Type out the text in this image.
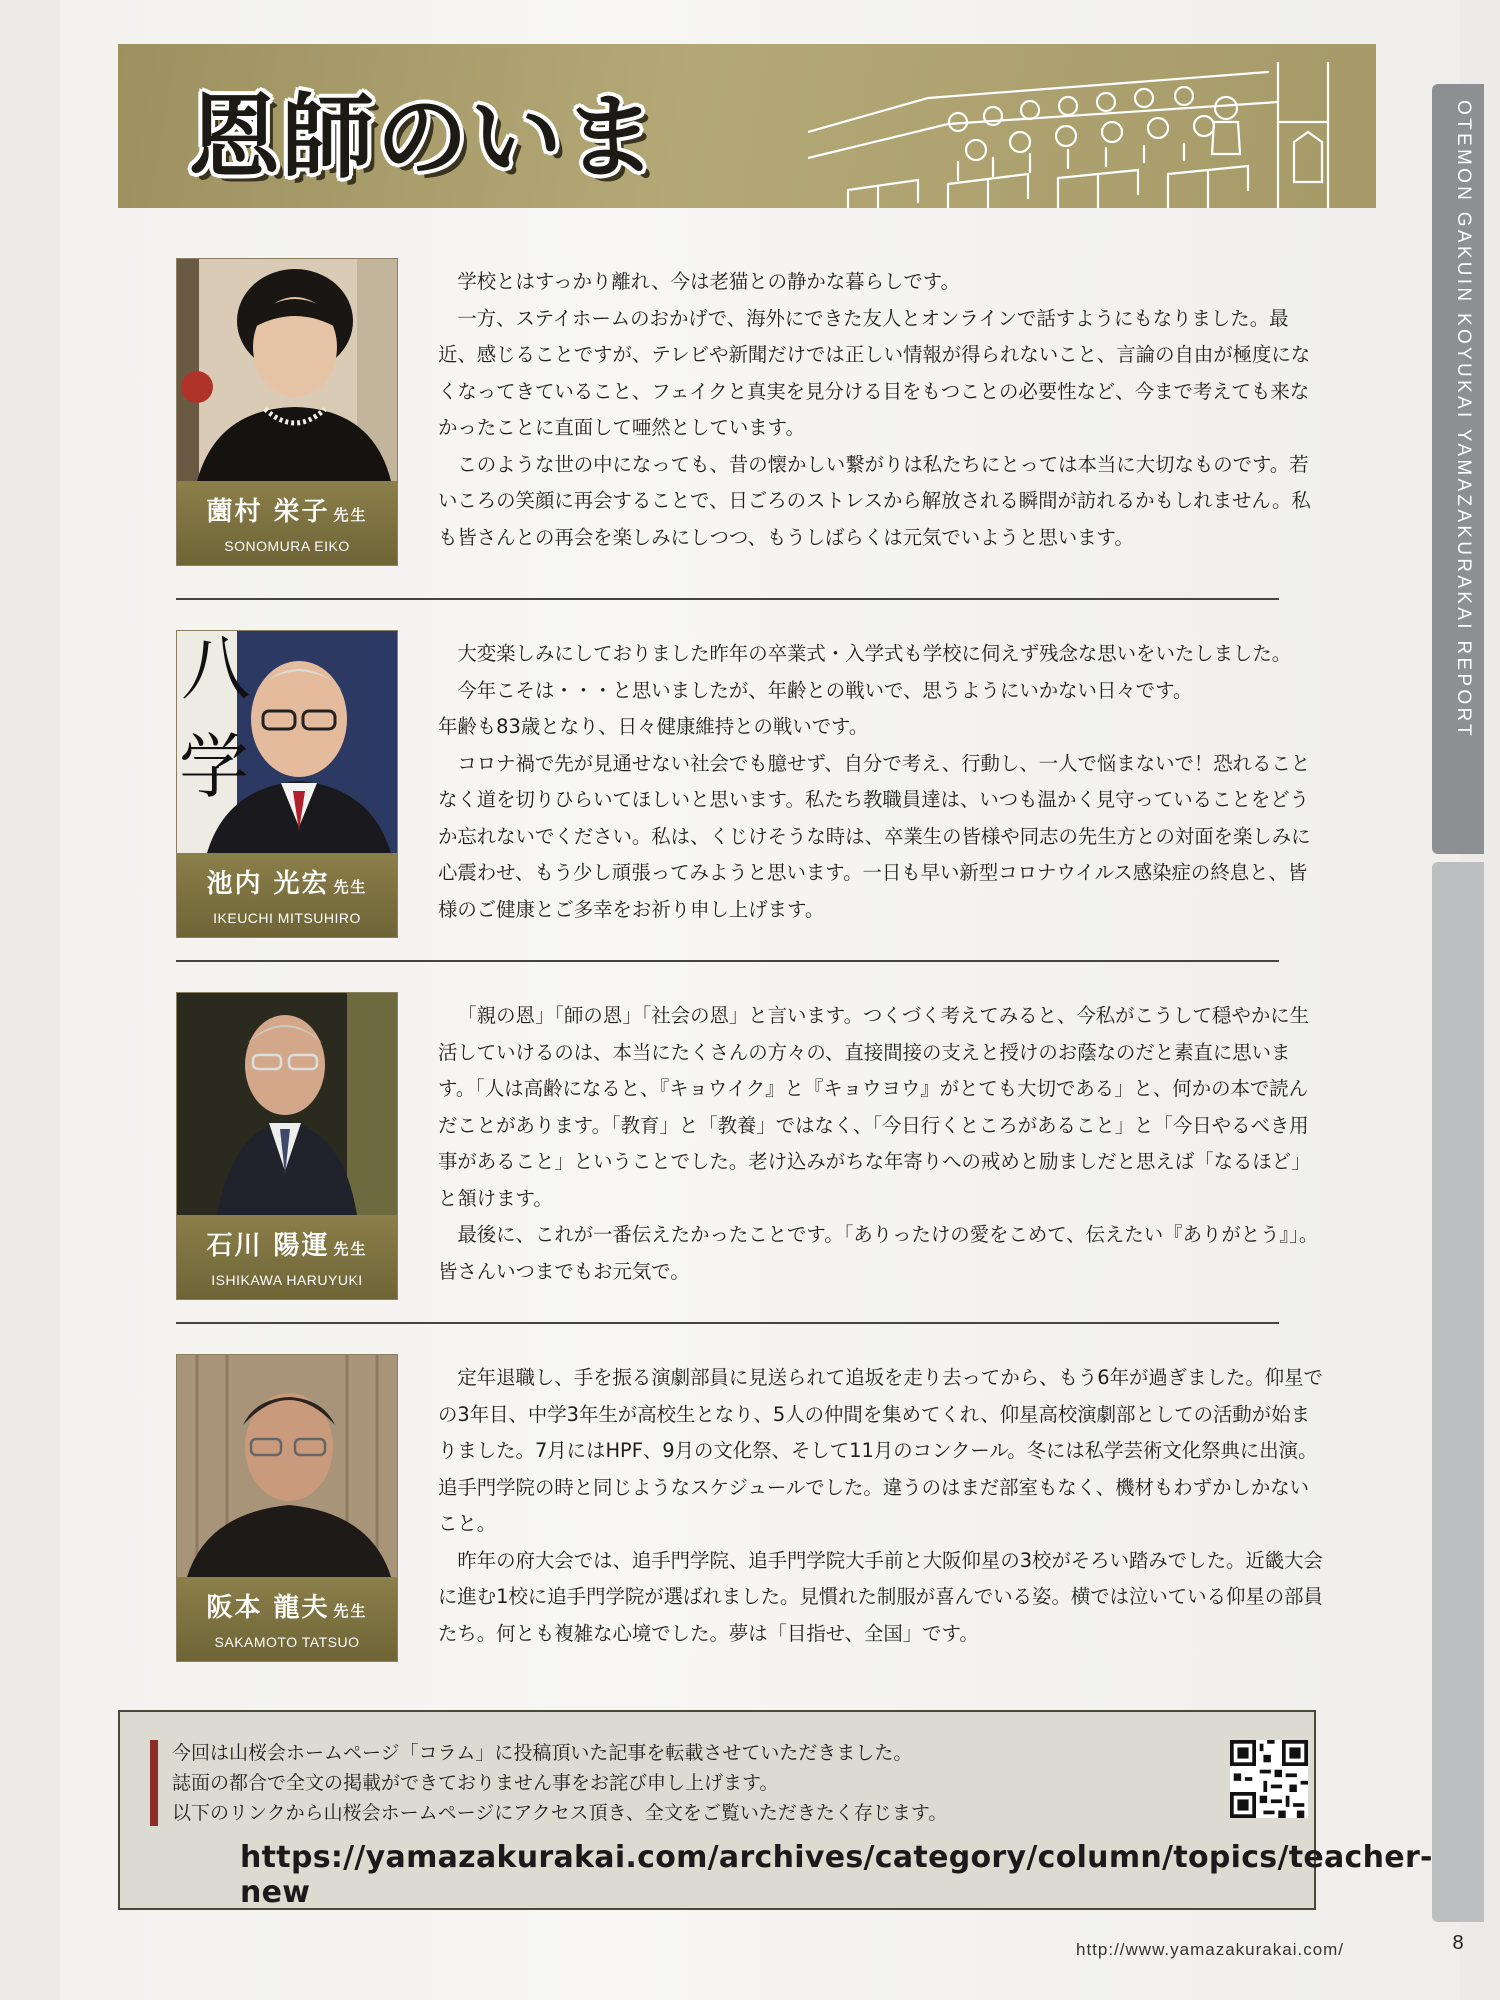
恩師のいま	OTEMON GAKUIN KOYUKAI YAMAZAKURAKAI REPORT
薗村 栄子 先生
SONOMURA EIKO

学校とはすっかり離れ、今は老猫との静かな暮らしです。

一方、ステイホームのおかげで、海外にできた友人とオンラインで話すようにもなりました。最近、感じることですが、テレビや新聞だけでは正しい情報が得られないこと、言論の自由が極度になくなってきていること、フェイクと真実を見分ける目をもつことの必要性など、今まで考えても来なかったことに直面して唖然としています。

このような世の中になっても、昔の懐かしい繋がりは私たちにとっては本当に大切なものです。若いころの笑顔に再会することで、日ごろのストレスから解放される瞬間が訪れるかもしれません。私も皆さんとの再会を楽しみにしつつ、もうしばらくは元気でいようと思います。

八
学
池内 光宏 先生
IKEUCHI MITSUHIRO

大変楽しみにしておりました昨年の卒業式・入学式も学校に伺えず残念な思いをいたしました。

今年こそは・・・と思いましたが、年齢との戦いで、思うようにいかない日々です。

年齢も83歳となり、日々健康維持との戦いです。

コロナ禍で先が見通せない社会でも臆せず、自分で考え、行動し、一人で悩まないで！恐れることなく道を切りひらいてほしいと思います。私たち教職員達は、いつも温かく見守っていることをどうか忘れないでください。私は、くじけそうな時は、卒業生の皆様や同志の先生方との対面を楽しみに心震わせ、もう少し頑張ってみようと思います。一日も早い新型コロナウイルス感染症の終息と、皆様のご健康とご多幸をお祈り申し上げます。

石川 陽運 先生
ISHIKAWA HARUYUKI

「親の恩」「師の恩」「社会の恩」と言います。つくづく考えてみると、今私がこうして穏やかに生活していけるのは、本当にたくさんの方々の、直接間接の支えと授けのお蔭なのだと素直に思います。「人は高齢になると、『キョウイク』と『キョウヨウ』がとても大切である」と、何かの本で読んだことがあります。「教育」と「教養」ではなく、「今日行くところがあること」と「今日やるべき用事があること」ということでした。老け込みがちな年寄りへの戒めと励ましだと思えば「なるほど」と頷けます。

最後に、これが一番伝えたかったことです。「ありったけの愛をこめて、伝えたい『ありがとう』」。皆さんいつまでもお元気で。

阪本 龍夫 先生
SAKAMOTO TATSUO

定年退職し、手を振る演劇部員に見送られて追坂を走り去ってから、もう6年が過ぎました。仰星での3年目、中学3年生が高校生となり、5人の仲間を集めてくれ、仰星高校演劇部としての活動が始まりました。7月にはHPF、9月の文化祭、そして11月のコンクール。冬には私学芸術文化祭典に出演。追手門学院の時と同じようなスケジュールでした。違うのはまだ部室もなく、機材もわずかしかないこと。

昨年の府大会では、追手門学院、追手門学院大手前と大阪仰星の3校がそろい踏みでした。近畿大会に進む1校に追手門学院が選ばれました。見慣れた制服が喜んでいる姿。横では泣いている仰星の部員たち。何とも複雑な心境でした。夢は「目指せ、全国」です。

今回は山桜会ホームページ「コラム」に投稿頂いた記事を転載させていただきました。
誌面の都合で全文の掲載ができておりません事をお詫び申し上げます。
以下のリンクから山桜会ホームページにアクセス頂き、全文をご覧いただきたく存じます。
https://yamazakurakai.com/archives/category/column/topics/teacher-new
http://www.yamazakurakai.com/	8
